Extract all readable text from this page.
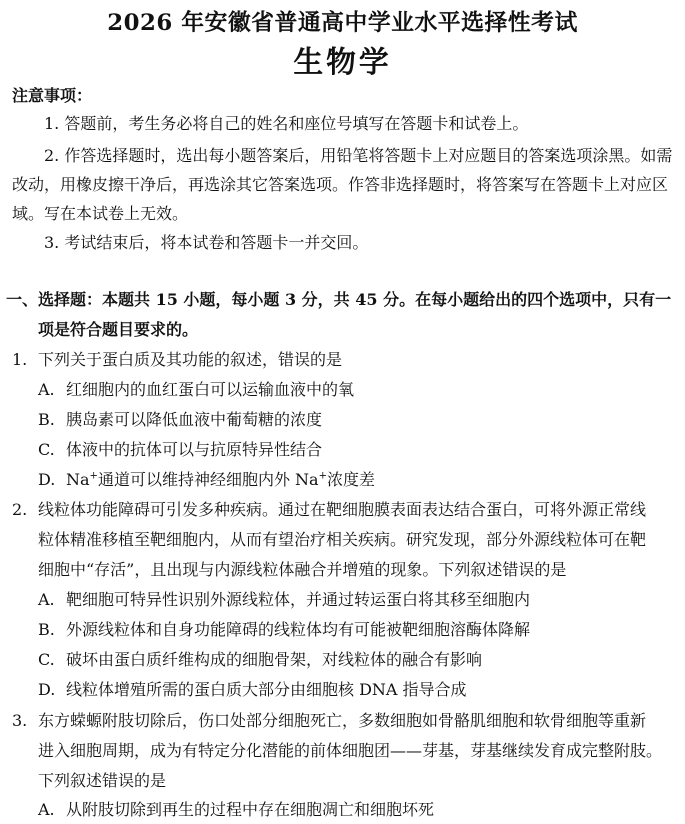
2026 年安徽省普通高中学业水平选择性考试
生物学
注意事项：
1. 答题前，考生务必将自己的姓名和座位号填写在答题卡和试卷上。
2. 作答选择题时，选出每小题答案后，用铅笔将答题卡上对应题目的答案选项涂黑。如需
改动，用橡皮擦干净后，再选涂其它答案选项。作答非选择题时，将答案写在答题卡上对应区
域。写在本试卷上无效。
3. 考试结束后，将本试卷和答题卡一并交回。
一、选择题：本题共 15 小题，每小题 3 分，共 45 分。在每小题给出的四个选项中，只有一
项是符合题目要求的。
1. 下列关于蛋白质及其功能的叙述，错误的是
A. 红细胞内的血红蛋白可以运输血液中的氧
B. 胰岛素可以降低血液中葡萄糖的浓度
C. 体液中的抗体可以与抗原特异性结合
D. Na+通道可以维持神经细胞内外 Na+浓度差
2. 线粒体功能障碍可引发多种疾病。通过在靶细胞膜表面表达结合蛋白，可将外源正常线
粒体精准移植至靶细胞内，从而有望治疗相关疾病。研究发现，部分外源线粒体可在靶
细胞中“存活”，且出现与内源线粒体融合并增殖的现象。下列叙述错误的是
A. 靶细胞可特异性识别外源线粒体，并通过转运蛋白将其移至细胞内
B. 外源线粒体和自身功能障碍的线粒体均有可能被靶细胞溶酶体降解
C. 破坏由蛋白质纤维构成的细胞骨架，对线粒体的融合有影响
D. 线粒体增殖所需的蛋白质大部分由细胞核 DNA 指导合成
3. 东方蝾螈附肢切除后，伤口处部分细胞死亡，多数细胞如骨骼肌细胞和软骨细胞等重新
进入细胞周期，成为有特定分化潜能的前体细胞团——芽基，芽基继续发育成完整附肢。
下列叙述错误的是
A. 从附肢切除到再生的过程中存在细胞凋亡和细胞坏死
